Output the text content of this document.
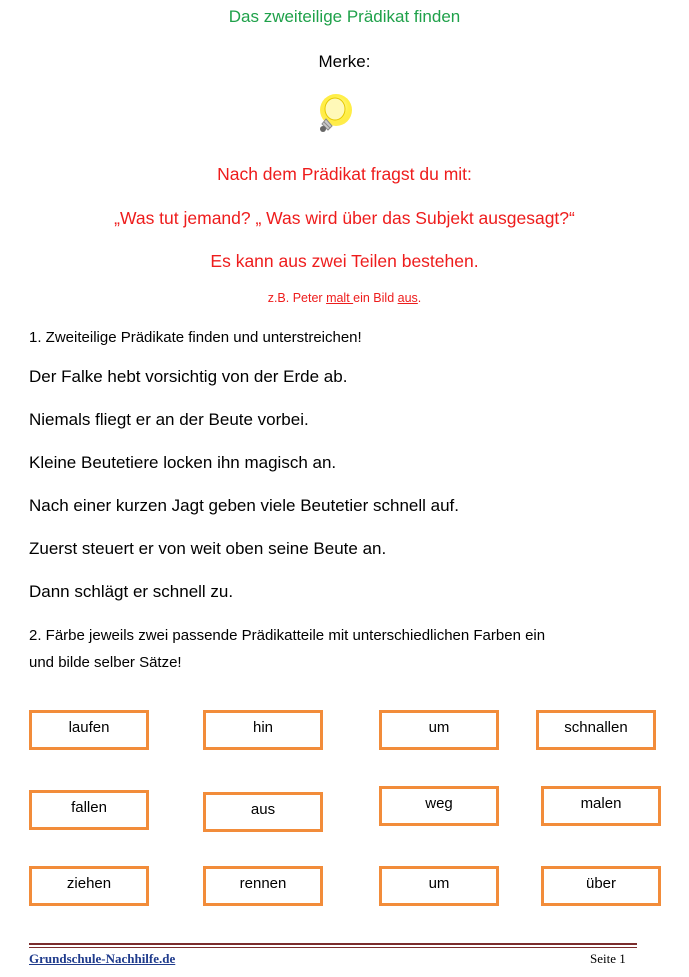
Das zweiteilige Prädikat finden
Merke:
Nach dem Prädikat fragst du mit:
„Was tut jemand? „ Was wird über das Subjekt ausgesagt?“
Es kann aus zwei Teilen bestehen.
z.B. Peter malt ein Bild aus.
1. Zweiteilige Prädikate finden und unterstreichen!
Der Falke hebt vorsichtig von der Erde ab.
Niemals fliegt er an der Beute vorbei.
Kleine Beutetiere locken ihn magisch an.
Nach einer kurzen Jagt geben viele Beutetier schnell auf.
Zuerst steuert er von weit oben seine Beute an.
Dann schlägt er schnell zu.
2. Färbe jeweils zwei passende Prädikatteile mit unterschiedlichen Farben ein
und bilde selber Sätze!
laufen	hin	um	schnallen
fallen	aus	weg	malen
ziehen	rennen	um	über
Grundschule-Nachhilfe.de	Seite 1
